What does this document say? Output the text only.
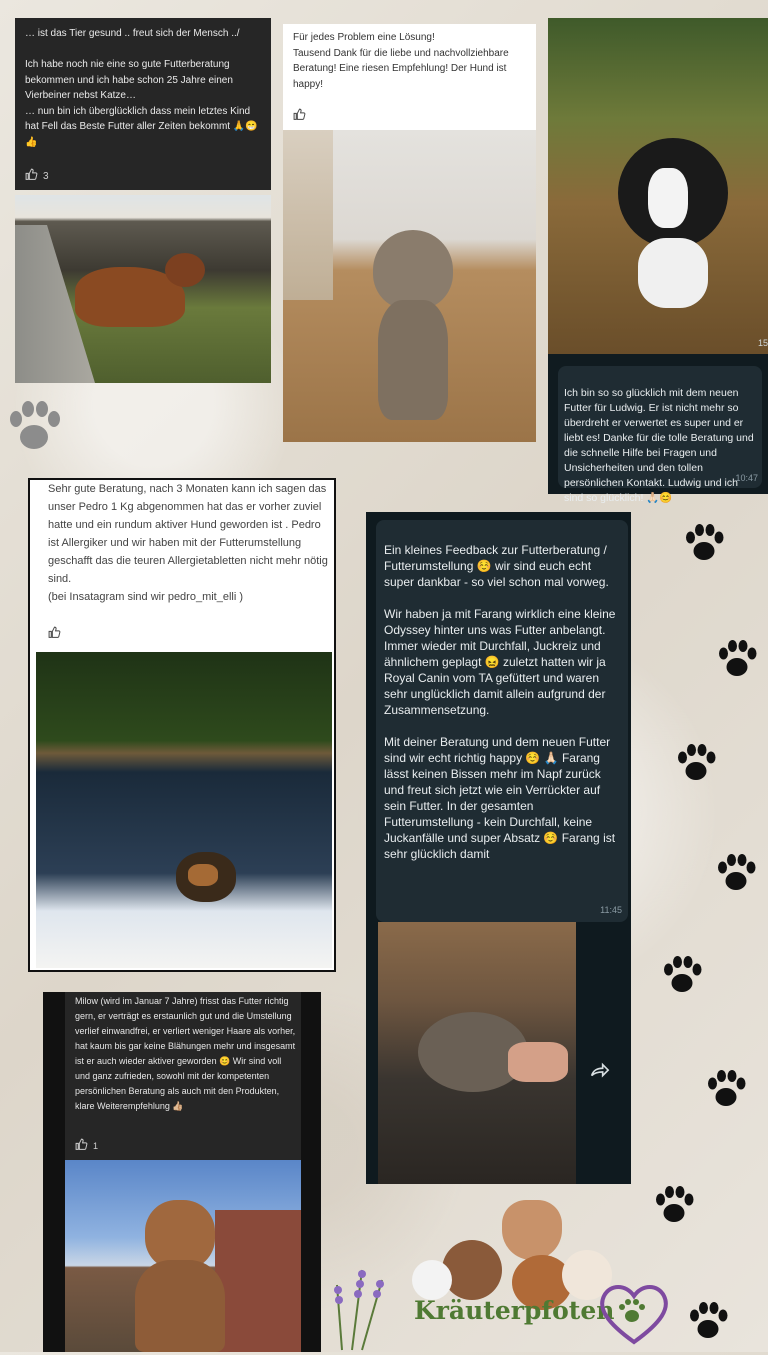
… ist das Tier gesund .. freut sich der Mensch ../

Ich habe noch nie eine so gute Futterberatung bekommen und ich habe schon 25 Jahre einen Vierbeiner nebst Katze…
… nun bin ich überglücklich dass mein letztes Kind hat Fell das Beste Futter aller Zeiten bekommt 🙏😁👍
3
Für jedes Problem eine Lösung!
Tausend Dank für die liebe und nachvollziehbare Beratung! Eine riesen Empfehlung! Der Hund ist happy!
15

Ich bin so so glücklich mit dem neuen Futter für Ludwig. Er ist nicht mehr so überdreht er verwertet es super und er liebt es! Danke für die tolle Beratung und die schnelle Hilfe bei Fragen und Unsicherheiten und den tollen persönlichen Kontakt. Ludwig und ich sind so glücklich! 🙏🏻😊

10:47

Sehr gute Beratung, nach 3 Monaten kann ich sagen das unser Pedro 1 Kg abgenommen hat das er vorher zuviel hatte und ein rundum aktiver Hund geworden ist . Pedro ist Allergiker und wir haben mit der Futterumstellung geschafft das die teuren Allergietabletten nicht mehr nötig sind.
(bei Insatagram sind wir pedro_mit_elli )

Ein kleines Feedback zur Futterberatung / Futterumstellung ☺️ wir sind euch echt super dankbar - so viel schon mal vorweg.

Wir haben ja mit Farang wirklich eine kleine Odyssey hinter uns was Futter anbelangt. Immer wieder mit Durchfall, Juckreiz und ähnlichem geplagt 😖 zuletzt hatten wir ja Royal Canin vom TA gefüttert und waren sehr unglücklich damit allein aufgrund der Zusammensetzung.

Mit deiner Beratung und dem neuen Futter sind wir echt richtig happy ☺️ 🙏🏻 Farang lässt keinen Bissen mehr im Napf zurück und freut sich jetzt wie ein Verrückter auf sein Futter. In der gesamten Futterumstellung - kein Durchfall, keine Juckanfälle und super Absatz ☺️ Farang ist sehr glücklich damit

11:45

Milow (wird im Januar 7 Jahre) frisst das Futter richtig gern, er verträgt es erstaunlich gut und die Umstellung verlief einwandfrei, er verliert weniger Haare als vorher, hat kaum bis gar keine Blähungen mehr und insgesamt ist er auch wieder aktiver geworden 😊 Wir sind voll und ganz zufrieden, sowohl mit der kompetenten persönlichen Beratung als auch mit den Produkten, klare Weiterempfehlung 👍🏼
1
Kräuterpfoten
